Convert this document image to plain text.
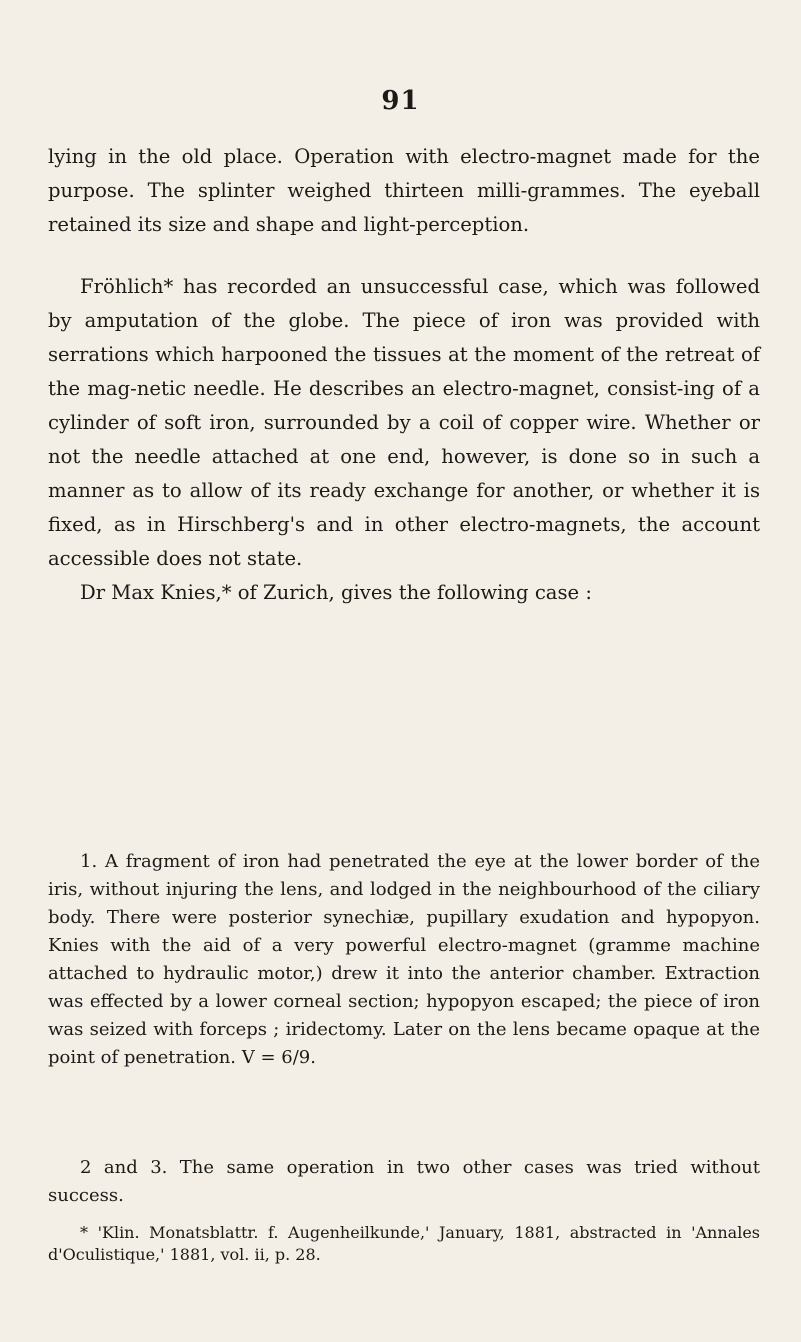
91

lying in the old place. Operation with electro-magnet made for the purpose. The splinter weighed thirteen milli-grammes. The eyeball retained its size and shape and light-perception.

Fröhlich* has recorded an unsuccessful case, which was followed by amputation of the globe. The piece of iron was provided with serrations which harpooned the tissues at the moment of the retreat of the mag-netic needle. He describes an electro-magnet, consist-ing of a cylinder of soft iron, surrounded by a coil of copper wire. Whether or not the needle attached at one end, however, is done so in such a manner as to allow of its ready exchange for another, or whether it is fixed, as in Hirschberg's and in other electro-magnets, the account accessible does not state.

Dr Max Knies,* of Zurich, gives the following case :

1. A fragment of iron had penetrated the eye at the lower border of the iris, without injuring the lens, and lodged in the neighbourhood of the ciliary body. There were posterior synechiæ, pupillary exudation and hypopyon. Knies with the aid of a very powerful electro-magnet (gramme machine attached to hydraulic motor,) drew it into the anterior chamber. Extraction was effected by a lower corneal section; hypopyon escaped; the piece of iron was seized with forceps ; iridectomy. Later on the lens became opaque at the point of penetration. V = 6/9.

2 and 3. The same operation in two other cases was tried without success.

* 'Klin. Monatsblattr. f. Augenheilkunde,' January, 1881, abstracted in 'Annales d'Oculistique,' 1881, vol. ii, p. 28.
